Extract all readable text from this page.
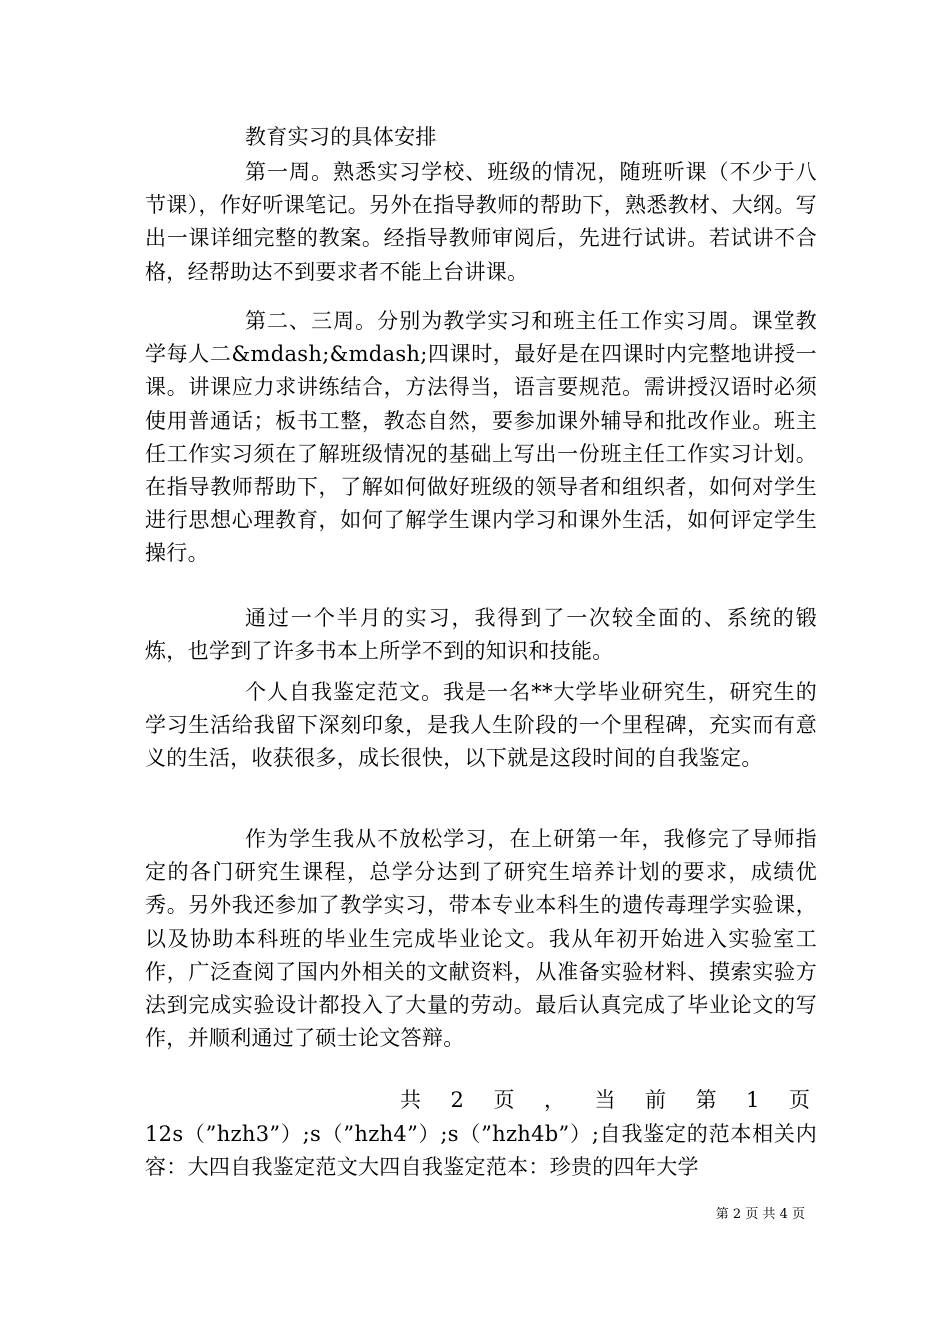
教育实习的具体安排

第一周。熟悉实习学校、班级的情况，随班听课（不少于八节课），作好听课笔记。另外在指导教师的帮助下，熟悉教材、大纲。写出一课详细完整的教案。经指导教师审阅后，先进行试讲。若试讲不合格，经帮助达不到要求者不能上台讲课。

第二、三周。分别为教学实习和班主任工作实习周。课堂教学每人二&mdash;&mdash;四课时，最好是在四课时内完整地讲授一课。讲课应力求讲练结合，方法得当，语言要规范。需讲授汉语时必须使用普通话；板书工整，教态自然，要参加课外辅导和批改作业。班主任工作实习须在了解班级情况的基础上写出一份班主任工作实习计划。在指导教师帮助下，了解如何做好班级的领导者和组织者，如何对学生进行思想心理教育，如何了解学生课内学习和课外生活，如何评定学生操行。

通过一个半月的实习，我得到了一次较全面的、系统的锻炼，也学到了许多书本上所学不到的知识和技能。

个人自我鉴定范文。我是一名**大学毕业研究生，研究生的学习生活给我留下深刻印象，是我人生阶段的一个里程碑，充实而有意义的生活，收获很多，成长很快，以下就是这段时间的自我鉴定。

作为学生我从不放松学习，在上研第一年，我修完了导师指定的各门研究生课程，总学分达到了研究生培养计划的要求，成绩优秀。另外我还参加了教学实习，带本专业本科生的遗传毒理学实验课，以及协助本科班的毕业生完成毕业论文。我从年初开始进入实验室工作，广泛查阅了国内外相关的文献资料，从准备实验材料、摸索实验方法到完成实验设计都投入了大量的劳动。最后认真完成了毕业论文的写作，并顺利通过了硕士论文答辩。

共 2 页 ， 当 前 第 1 页

12s（”hzh3”）;s（”hzh4”）;s（”hzh4b”）;自我鉴定的范本相关内容：大四自我鉴定范文大四自我鉴定范本：珍贵的四年大学

第 2 页 共 4 页
